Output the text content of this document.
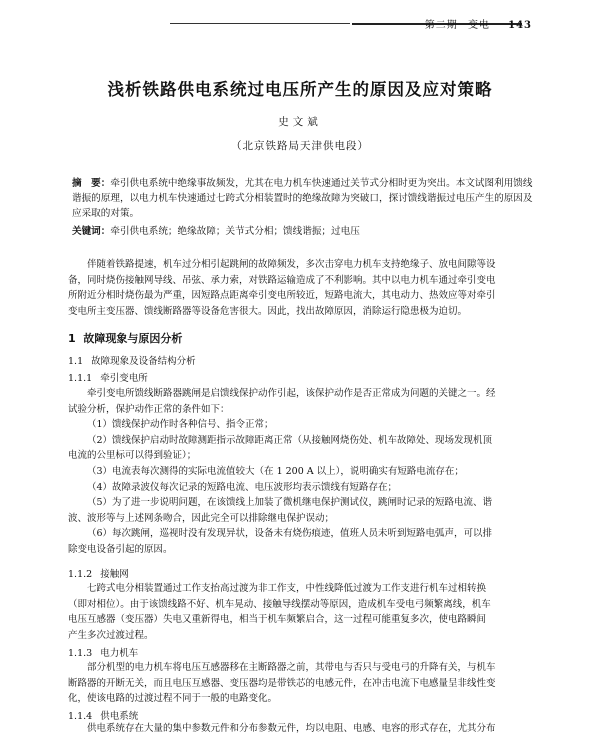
第二期 变电 143
浅析铁路供电系统过电压所产生的原因及应对策略
史文斌
（北京铁路局天津供电段）

摘　要：牵引供电系统中绝缘事故频发，尤其在电力机车快速通过关节式分相时更为突出。本文试图利用馈线谐振的原理，以电力机车快速通过七跨式分相装置时的绝缘故障为突破口，探讨馈线谐振过电压产生的原因及应采取的对策。

关键词：牵引供电系统；绝缘故障；关节式分相；馈线谐振；过电压

伴随着铁路提速，机车过分相引起跳闸的故障频发，多次击穿电力机车支持绝缘子、放电间隙等设
备，同时烧伤接触网导线、吊弦、承力索，对铁路运输造成了不利影响。其中以电力机车通过牵引变电
所附近分相时烧伤最为严重，因短路点距离牵引变电所较近，短路电流大，其电动力、热效应等对牵引
变电所主变压器、馈线断路器等设备危害很大。因此，找出故障原因，消除运行隐患极为迫切。
1 故障现象与原因分析
1.1 故障现象及设备结构分析
1.1.1 牵引变电所
牵引变电所馈线断路器跳闸是启馈线保护动作引起，该保护动作是否正常成为问题的关键之一。经
试验分析，保护动作正常的条件如下：
（1）馈线保护动作时各种信号、指令正常；
（2）馈线保护启动时故障测距指示故障距离正常（从接触网烧伤处、机车故障处、现场发现机顶
电流的公里标可以得到验证）；
（3）电流表每次测得的实际电流值较大（在 1 200 A 以上），说明确实有短路电流存在；
（4）故障录波仪每次记录的短路电流、电压波形均表示馈线有短路存在；
（5）为了进一步说明问题，在该馈线上加装了微机继电保护测试仪，跳闸时记录的短路电流、谐
波、波形等与上述网条吻合，因此完全可以排除继电保护误动；
（6）每次跳闸，巡视时没有发现异状，设备未有烧伤痕迹，值班人员未听到短路电弧声，可以排
除变电设备引起的原因。
1.1.2 接触网
七跨式电分相装置通过工作支抬高过渡为非工作支，中性线降低过渡为工作支进行机车过相转换
（即对相位）。由于该馈线路不好、机车晃动、接触导线摆动等原因，造成机车受电弓频繁离线，机车
电压互感器（变压器）失电又重新得电，相当于机车频繁启合，这一过程可能重复多次，使电路瞬间
产生多次过渡过程。
1.1.3 电力机车
部分机型的电力机车将电压互感器移在主断路器之前，其带电与否只与受电弓的升降有关，与机车
断路器的开断无关，而且电压互感器、变压器均是带铁芯的电感元件，在冲击电流下电感量呈非线性变
化，使该电路的过渡过程不同于一般的电路变化。
1.1.4 供电系统
供电系统存在大量的集中参数元件和分布参数元件，均以电阻、电感、电容的形式存在，尤其分布
